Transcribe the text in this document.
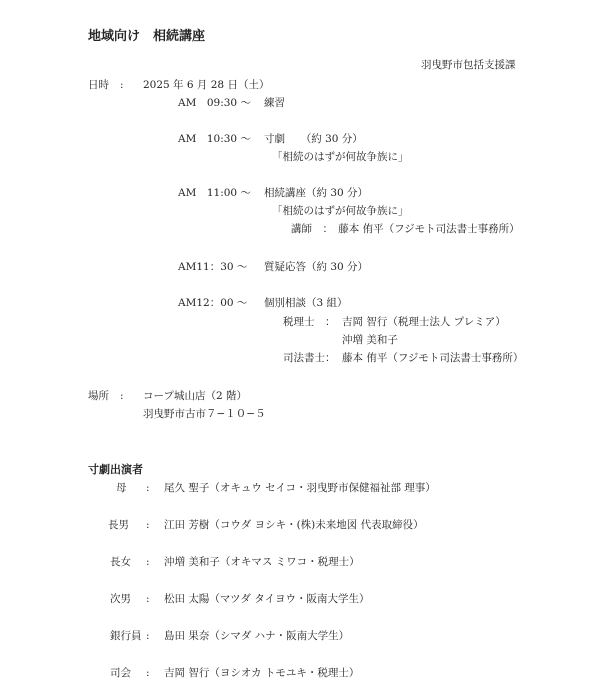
地域向け　相続講座
羽曳野市包括支援課
日時 : 2025 年 6 月 28 日（土）
AM　09:30 〜 練習
AM　10:30 〜 寸劇　　（約 30 分）
「相続のはずが何故争族に」
AM　11:00 〜 相続講座（約 30 分）
「相続のはずが何故争族に」
講師　：　藤本 侑平（フジモト司法書士事務所）
AM11：30 〜 質疑応答（約 30 分）
AM12：00 〜 個別相談（3 組）
税理士　： 吉岡 智行（税理士法人 プレミア）
沖増 美和子
司法書士： 藤本 侑平（フジモト司法書士事務所）
場所 : コープ城山店（2 階）
羽曳野市古市７−１０−５
寸劇出演者
母 : 尾久 聖子（オキュウ セイコ・羽曳野市保健福祉部 理事）
長男 : 江田 芳樹（コウダ ヨシキ・(株)未来地図 代表取締役）
長女 : 沖増 美和子（オキマス ミワコ・税理士）
次男 : 松田 太陽（マツダ タイヨウ・阪南大学生）
銀行員 : 島田 果奈（シマダ ハナ・阪南大学生）
司会 : 吉岡 智行（ヨシオカ トモユキ・税理士）
